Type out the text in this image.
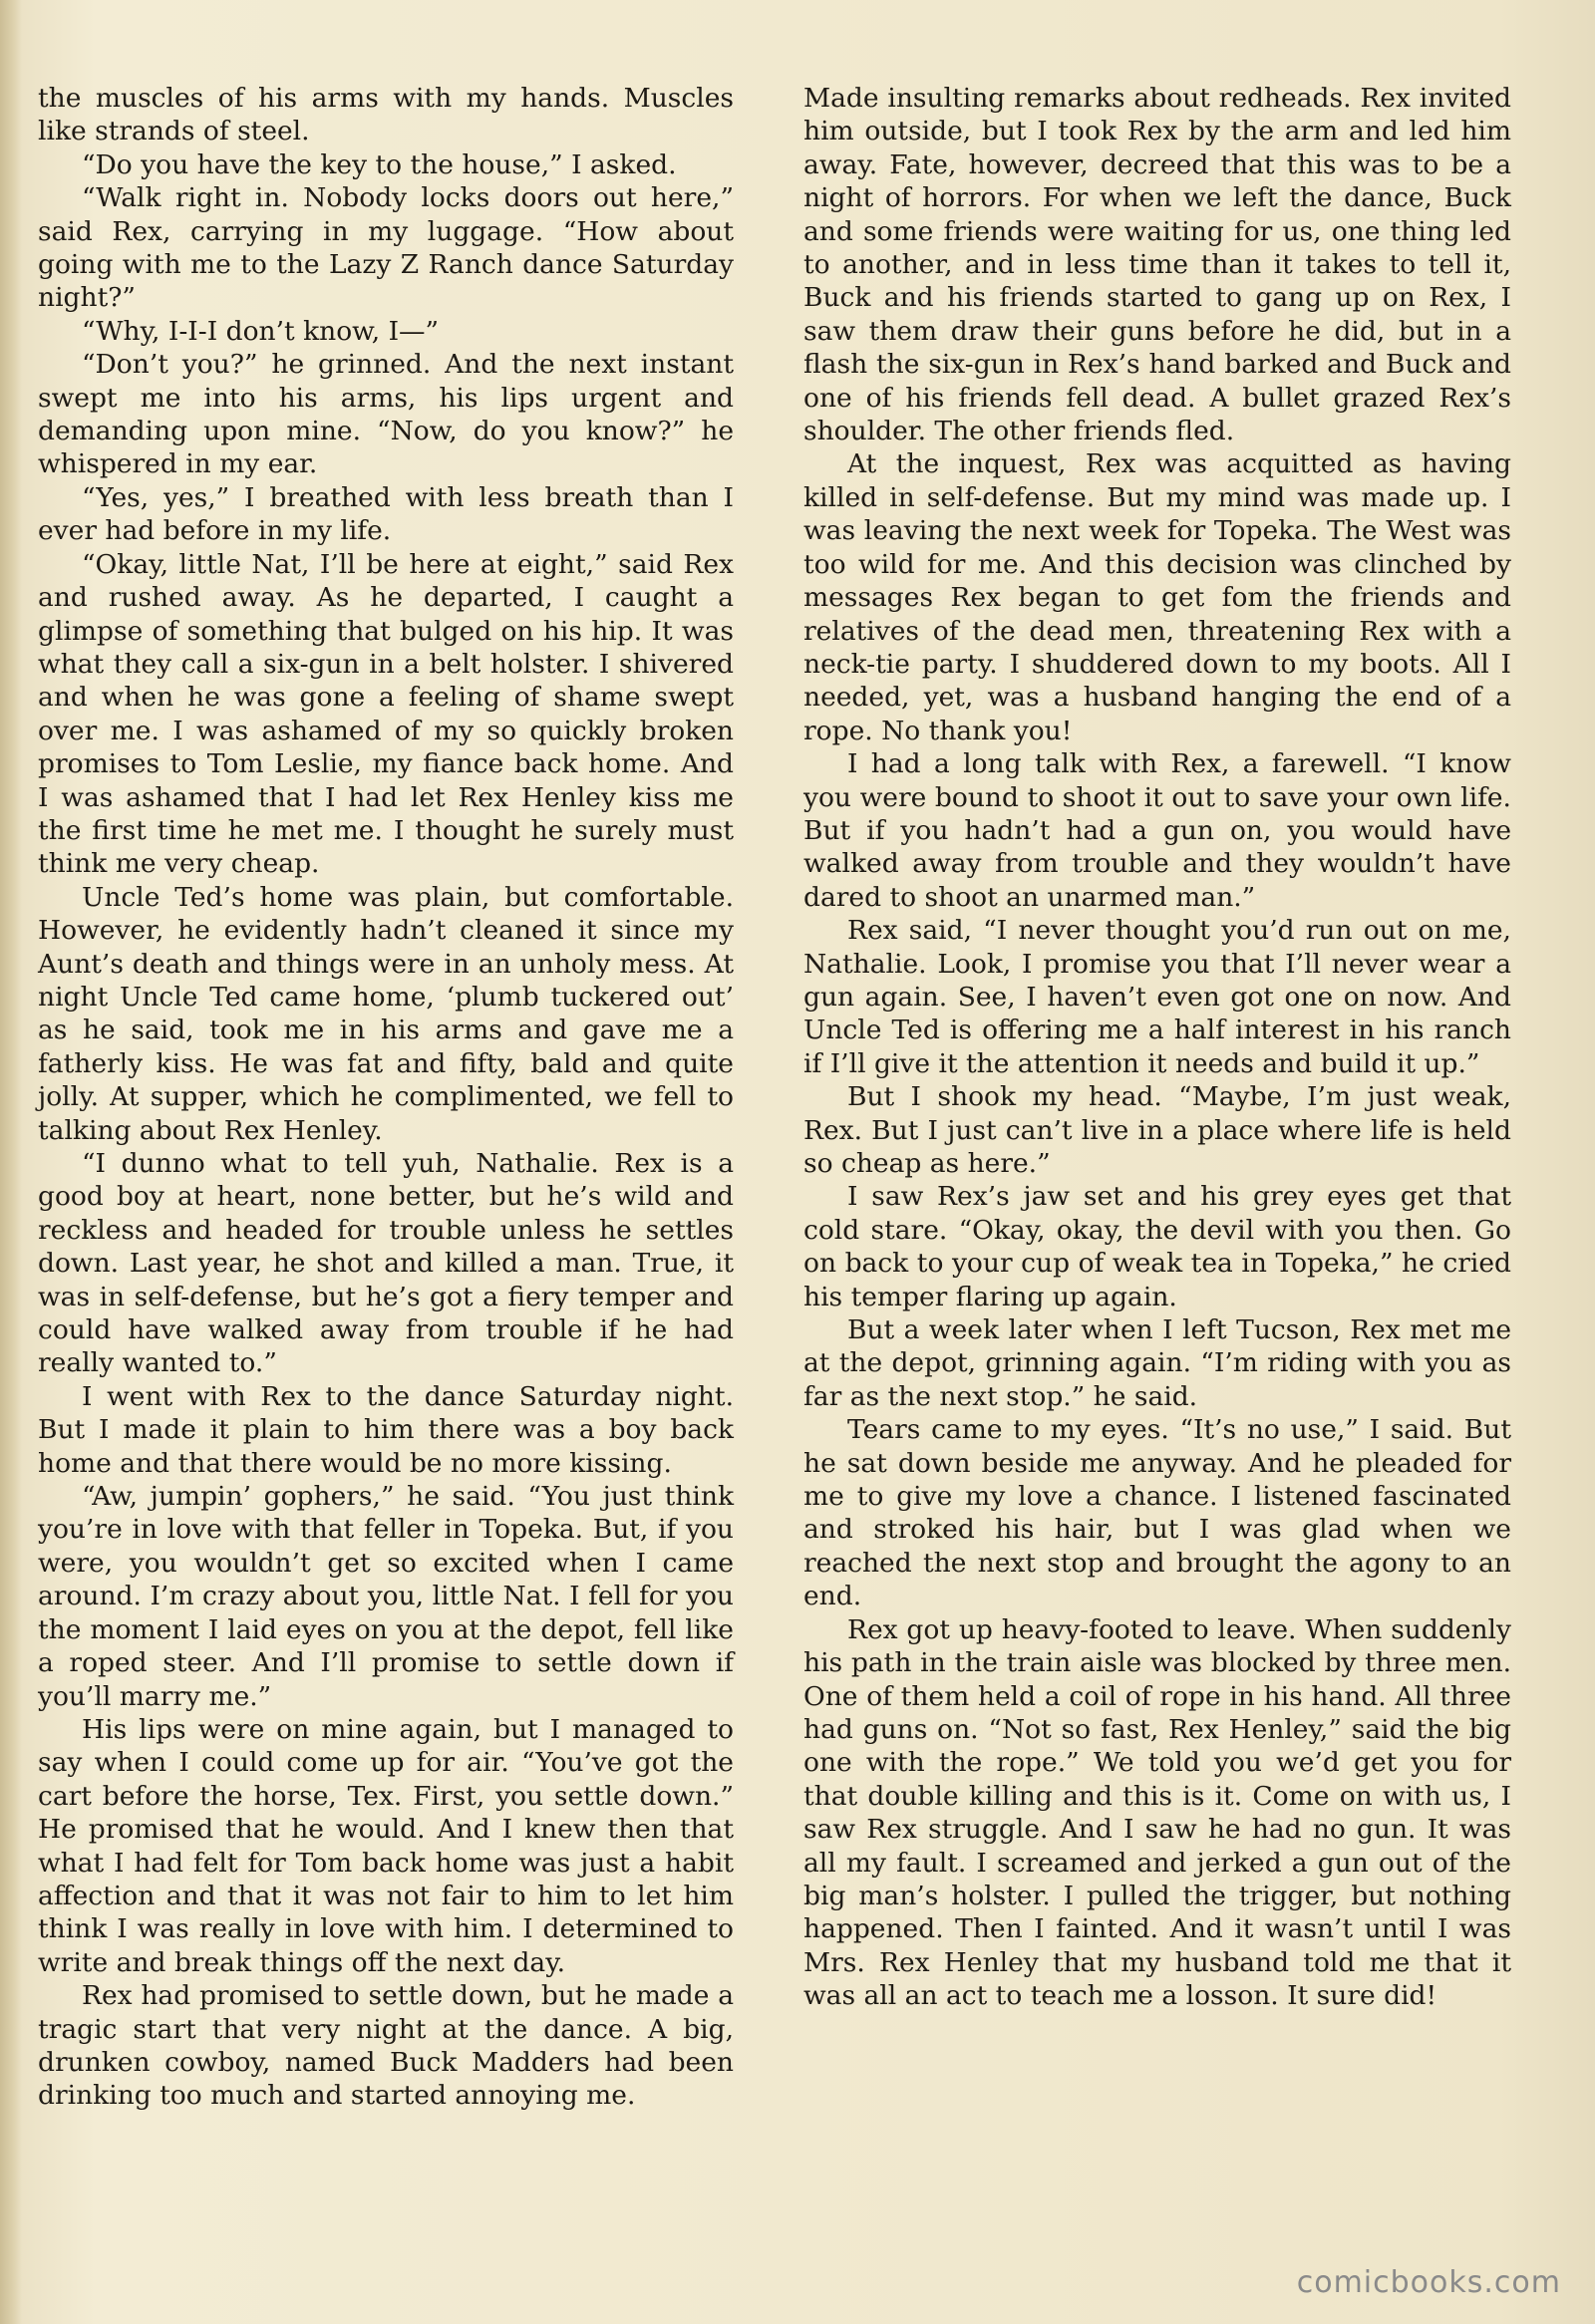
the muscles of his arms with my hands. Muscles like strands of steel.

“Do you have the key to the house,” I asked.

“Walk right in. Nobody locks doors out here,” said Rex, carrying in my luggage. “How about going with me to the Lazy Z Ranch dance Saturday night?”

“Why, I-I-I don’t know, I—”

“Don’t you?” he grinned. And the next instant swept me into his arms, his lips urgent and demanding upon mine. “Now, do you know?” he whispered in my ear.

“Yes, yes,” I breathed with less breath than I ever had before in my life.

“Okay, little Nat, I’ll be here at eight,” said Rex and rushed away. As he departed, I caught a glimpse of something that bulged on his hip. It was what they call a six-gun in a belt holster. I shivered and when he was gone a feeling of shame swept over me. I was ashamed of my so quickly broken promises to Tom Leslie, my fiance back home. And I was ashamed that I had let Rex Henley kiss me the first time he met me. I thought he surely must think me very cheap.

Uncle Ted’s home was plain, but comfortable. However, he evidently hadn’t cleaned it since my Aunt’s death and things were in an unholy mess. At night Uncle Ted came home, ‘plumb tuckered out’ as he said, took me in his arms and gave me a fatherly kiss. He was fat and fifty, bald and quite jolly. At supper, which he complimented, we fell to talking about Rex Henley.

“I dunno what to tell yuh, Nathalie. Rex is a good boy at heart, none better, but he’s wild and reckless and headed for trouble unless he settles down. Last year, he shot and killed a man. True, it was in self-defense, but he’s got a fiery temper and could have walked away from trouble if he had really wanted to.”

I went with Rex to the dance Saturday night. But I made it plain to him there was a boy back home and that there would be no more kissing.

“Aw, jumpin’ gophers,” he said. “You just think you’re in love with that feller in Topeka. But, if you were, you wouldn’t get so excited when I came around. I’m crazy about you, little Nat. I fell for you the moment I laid eyes on you at the depot, fell like a roped steer. And I’ll promise to settle down if you’ll marry me.”

His lips were on mine again, but I managed to say when I could come up for air. “You’ve got the cart before the horse, Tex. First, you settle down.” He promised that he would. And I knew then that what I had felt for Tom back home was just a habit affection and that it was not fair to him to let him think I was really in love with him. I determined to write and break things off the next day.

Rex had promised to settle down, but he made a tragic start that very night at the dance. A big, drunken cowboy, named Buck Madders had been drinking too much and started annoying me.

Made insulting remarks about redheads. Rex invited him outside, but I took Rex by the arm and led him away. Fate, however, decreed that this was to be a night of horrors. For when we left the dance, Buck and some friends were waiting for us, one thing led to another, and in less time than it takes to tell it, Buck and his friends started to gang up on Rex, I saw them draw their guns before he did, but in a flash the six-gun in Rex’s hand barked and Buck and one of his friends fell dead. A bullet grazed Rex’s shoulder. The other friends fled.

At the inquest, Rex was acquitted as having killed in self-defense. But my mind was made up. I was leaving the next week for Topeka. The West was too wild for me. And this decision was clinched by messages Rex began to get fom the friends and relatives of the dead men, threatening Rex with a neck-tie party. I shuddered down to my boots. All I needed, yet, was a husband hanging the end of a rope. No thank you!

I had a long talk with Rex, a farewell. “I know you were bound to shoot it out to save your own life. But if you hadn’t had a gun on, you would have walked away from trouble and they wouldn’t have dared to shoot an unarmed man.”

Rex said, “I never thought you’d run out on me, Nathalie. Look, I promise you that I’ll never wear a gun again. See, I haven’t even got one on now. And Uncle Ted is offering me a half interest in his ranch if I’ll give it the attention it needs and build it up.”

But I shook my head. “Maybe, I’m just weak, Rex. But I just can’t live in a place where life is held so cheap as here.”

I saw Rex’s jaw set and his grey eyes get that cold stare. “Okay, okay, the devil with you then. Go on back to your cup of weak tea in Topeka,” he cried his temper flaring up again.

But a week later when I left Tucson, Rex met me at the depot, grinning again. “I’m riding with you as far as the next stop.” he said.

Tears came to my eyes. “It’s no use,” I said. But he sat down beside me anyway. And he pleaded for me to give my love a chance. I listened fascinated and stroked his hair, but I was glad when we reached the next stop and brought the agony to an end.

Rex got up heavy-footed to leave. When suddenly his path in the train aisle was blocked by three men. One of them held a coil of rope in his hand. All three had guns on. “Not so fast, Rex Henley,” said the big one with the rope.” We told you we’d get you for that double killing and this is it. Come on with us, I saw Rex struggle. And I saw he had no gun. It was all my fault. I screamed and jerked a gun out of the big man’s holster. I pulled the trigger, but nothing happened. Then I fainted. And it wasn’t until I was Mrs. Rex Henley that my husband told me that it was all an act to teach me a losson. It sure did!

comicbooks.com
